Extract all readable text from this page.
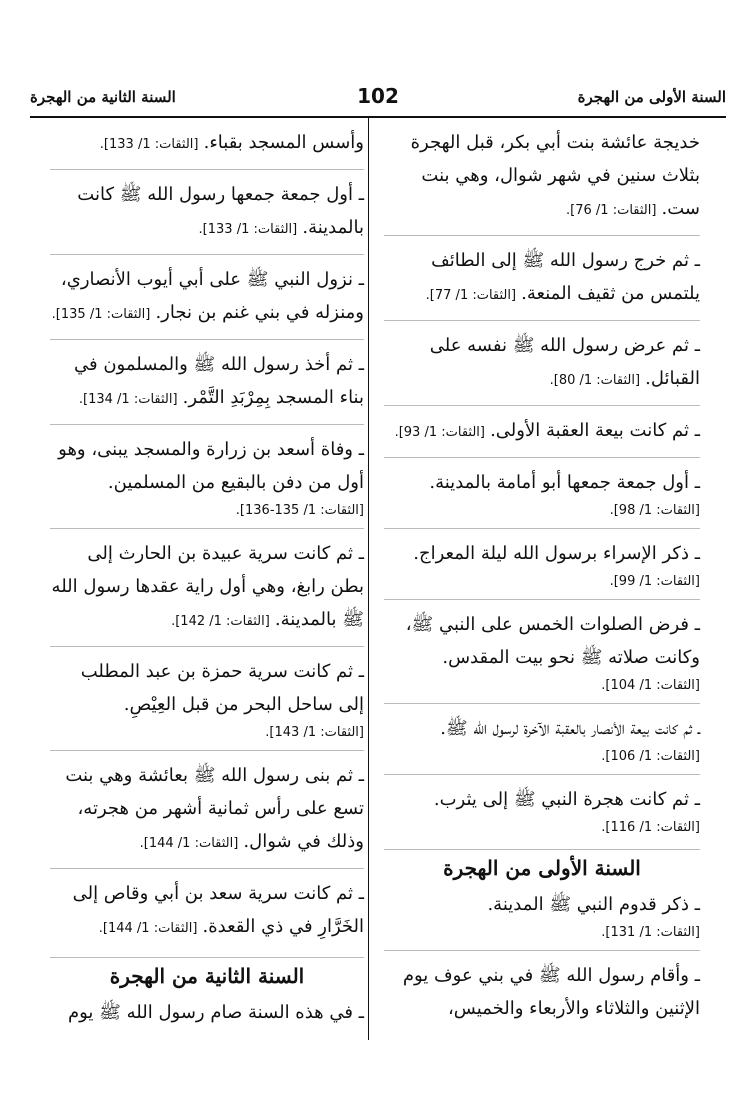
السنة الأولى من الهجرة
102
السنة الثانية من الهجرة
خديجة عائشة بنت أبي بكر، قبل الهجرة بثلاث سنين في شهر شوال، وهي بنت ست. [الثقات: 1/ 76].
ـ ثم خرج رسول الله ﷺ إلى الطائف يلتمس من ثقيف المنعة. [الثقات: 1/ 77].
ـ ثم عرض رسول الله ﷺ نفسه على القبائل. [الثقات: 1/ 80].
ـ ثم كانت بيعة العقبة الأولى. [الثقات: 1/ 93].
ـ أول جمعة جمعها أبو أمامة بالمدينة. [الثقات: 1/ 98].
ـ ذكر الإسراء برسول الله ليلة المعراج. [الثقات: 1/ 99].
ـ فرض الصلوات الخمس على النبي ﷺ، وكانت صلاته ﷺ نحو بيت المقدس. [الثقات: 1/ 104].
ـ ثم كانت بيعة الأنصار بالعقبة الآخرة لرسول الله ﷺ. [الثقات: 1/ 106].
ـ ثم كانت هجرة النبي ﷺ إلى يثرب. [الثقات: 1/ 116].
السنة الأولى من الهجرة
ـ ذكر قدوم النبي ﷺ المدينة. [الثقات: 1/ 131].
ـ وأقام رسول الله ﷺ في بني عوف يوم الإثنين والثلاثاء والأربعاء والخميس،
وأسس المسجد بقباء. [الثقات: 1/ 133].
ـ أول جمعة جمعها رسول الله ﷺ كانت بالمدينة. [الثقات: 1/ 133].
ـ نزول النبي ﷺ على أبي أيوب الأنصاري، ومنزله في بني غنم بن نجار. [الثقات: 1/ 135].
ـ ثم أخذ رسول الله ﷺ والمسلمون في بناء المسجد بِمِرْبَدِ التَّمْر. [الثقات: 1/ 134].
ـ وفاة أسعد بن زرارة والمسجد يبنى، وهو أول من دفن بالبقيع من المسلمين. [الثقات: 1/ 135-136].
ـ ثم كانت سرية عبيدة بن الحارث إلى بطن رابغ، وهي أول راية عقدها رسول الله ﷺ بالمدينة. [الثقات: 1/ 142].
ـ ثم كانت سرية حمزة بن عبد المطلب إلى ساحل البحر من قبل العِيْصِ. [الثقات: 1/ 143].
ـ ثم بنى رسول الله ﷺ بعائشة وهي بنت تسع على رأس ثمانية أشهر من هجرته، وذلك في شوال. [الثقات: 1/ 144].
ـ ثم كانت سرية سعد بن أبي وقاص إلى الخَرَّارِ في ذي القعدة. [الثقات: 1/ 144].
السنة الثانية من الهجرة
ـ في هذه السنة صام رسول الله ﷺ يوم
